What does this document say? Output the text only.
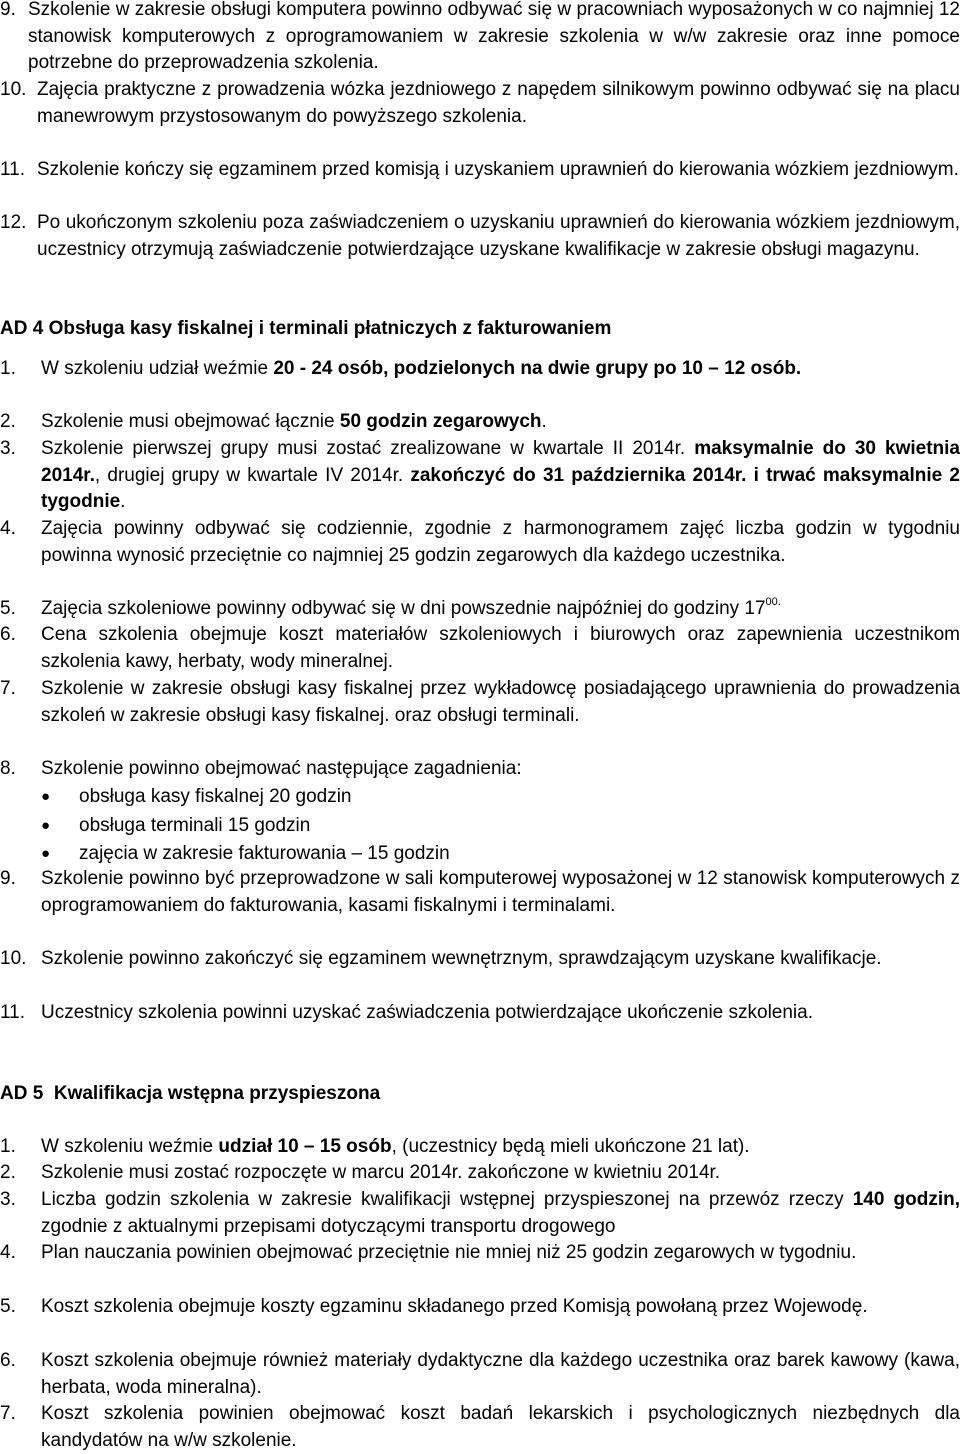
9. Szkolenie w zakresie obsługi komputera powinno odbywać się w pracowniach wyposażonych w co najmniej 12 stanowisk komputerowych z oprogramowaniem w zakresie szkolenia w w/w zakresie oraz inne pomoce potrzebne do przeprowadzenia szkolenia.
10. Zajęcia praktyczne z prowadzenia wózka jezdniowego z napędem silnikowym powinno odbywać się na placu manewrowym przystosowanym do powyższego szkolenia.
11. Szkolenie kończy się egzaminem przed komisją i uzyskaniem uprawnień do kierowania wózkiem jezdniowym.
12. Po ukończonym szkoleniu poza zaświadczeniem o uzyskaniu uprawnień do kierowania wózkiem jezdniowym, uczestnicy otrzymują zaświadczenie potwierdzające uzyskane kwalifikacje w zakresie obsługi magazynu.
AD 4 Obsługa kasy fiskalnej i terminali płatniczych z fakturowaniem
1.	W szkoleniu udział weźmie 20 - 24 osób, podzielonych na dwie grupy po 10 – 12 osób.
2.	Szkolenie musi obejmować łącznie 50 godzin zegarowych.
3.	Szkolenie pierwszej grupy musi zostać zrealizowane w kwartale II 2014r. maksymalnie do 30 kwietnia 2014r., drugiej grupy w kwartale IV 2014r. zakończyć do 31 października 2014r. i trwać maksymalnie 2 tygodnie.
4.	Zajęcia powinny odbywać się codziennie, zgodnie z harmonogramem zajęć liczba godzin w tygodniu powinna wynosić przeciętnie co najmniej 25 godzin zegarowych dla każdego uczestnika.
5.	Zajęcia szkoleniowe powinny odbywać się w dni powszednie najpóźniej do godziny $17^{00.}$
6.	Cena szkolenia obejmuje koszt materiałów szkoleniowych i biurowych oraz zapewnienia uczestnikom szkolenia kawy, herbaty, wody mineralnej.
7.	Szkolenie w zakresie obsługi kasy fiskalnej przez wykładowcę posiadającego uprawnienia do prowadzenia szkoleń w zakresie obsługi kasy fiskalnej. oraz obsługi terminali.
8.	Szkolenie powinno obejmować następujące zagadnienia:
●	obsługa kasy fiskalnej 20 godzin
●	obsługa terminali 15 godzin
●	zajęcia w zakresie fakturowania – 15 godzin
9.	Szkolenie powinno być przeprowadzone w sali komputerowej wyposażonej w 12 stanowisk komputerowych z oprogramowaniem do fakturowania, kasami fiskalnymi i terminalami.
10. Szkolenie powinno zakończyć się egzaminem wewnętrznym, sprawdzającym uzyskane kwalifikacje.
11. Uczestnicy szkolenia powinni uzyskać zaświadczenia potwierdzające ukończenie szkolenia.
AD 5  Kwalifikacja wstępna przyspieszona
1.	W szkoleniu weźmie udział 10 – 15 osób, (uczestnicy będą mieli ukończone 21 lat).
2.	Szkolenie musi zostać rozpoczęte w marcu 2014r. zakończone w kwietniu 2014r.
3.	Liczba godzin szkolenia w zakresie kwalifikacji wstępnej przyspieszonej na przewóz rzeczy 140 godzin, zgodnie z aktualnymi przepisami dotyczącymi transportu drogowego
4.	Plan nauczania powinien obejmować przeciętnie nie mniej niż 25 godzin zegarowych w tygodniu.
5.	Koszt szkolenia obejmuje koszty egzaminu składanego przed Komisją powołaną przez Wojewodę.
6.	Koszt szkolenia obejmuje również materiały dydaktyczne dla każdego uczestnika oraz barek kawowy (kawa, herbata, woda mineralna).
7.	Koszt szkolenia powinien obejmować koszt badań lekarskich i psychologicznych niezbędnych dla kandydatów na w/w szkolenie.
